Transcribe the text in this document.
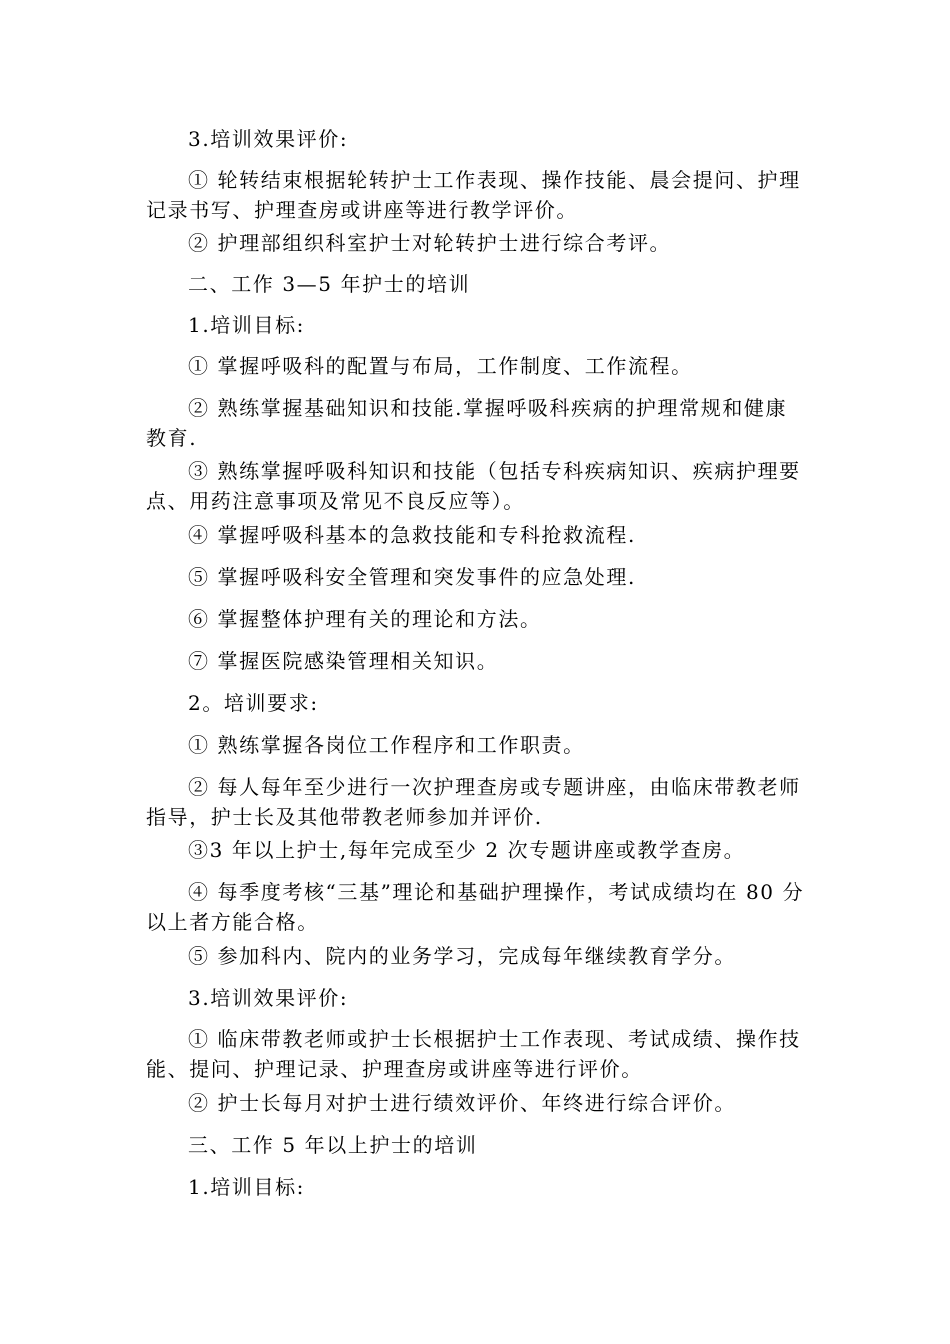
3.培训效果评价:

① 轮转结束根据轮转护士工作表现、操作技能、晨会提问、护理记录书写、护理查房或讲座等进行教学评价。

② 护理部组织科室护士对轮转护士进行综合考评。

二、工作 3—5 年护士的培训

1.培训目标:

① 掌握呼吸科的配置与布局，工作制度、工作流程。

② 熟练掌握基础知识和技能.掌握呼吸科疾病的护理常规和健康教育.

③ 熟练掌握呼吸科知识和技能（包括专科疾病知识、疾病护理要点、用药注意事项及常见不良反应等）。

④ 掌握呼吸科基本的急救技能和专科抢救流程.

⑤ 掌握呼吸科安全管理和突发事件的应急处理.

⑥ 掌握整体护理有关的理论和方法。

⑦ 掌握医院感染管理相关知识。

2。培训要求:

① 熟练掌握各岗位工作程序和工作职责。

② 每人每年至少进行一次护理查房或专题讲座，由临床带教老师指导，护士长及其他带教老师参加并评价.

③3 年以上护士,每年完成至少 2 次专题讲座或教学查房。

④ 每季度考核“三基”理论和基础护理操作，考试成绩均在 80 分以上者方能合格。

⑤ 参加科内、院内的业务学习，完成每年继续教育学分。

3.培训效果评价:

① 临床带教老师或护士长根据护士工作表现、考试成绩、操作技能、提问、护理记录、护理查房或讲座等进行评价。

② 护士长每月对护士进行绩效评价、年终进行综合评价。

三、工作 5 年以上护士的培训

1.培训目标:
